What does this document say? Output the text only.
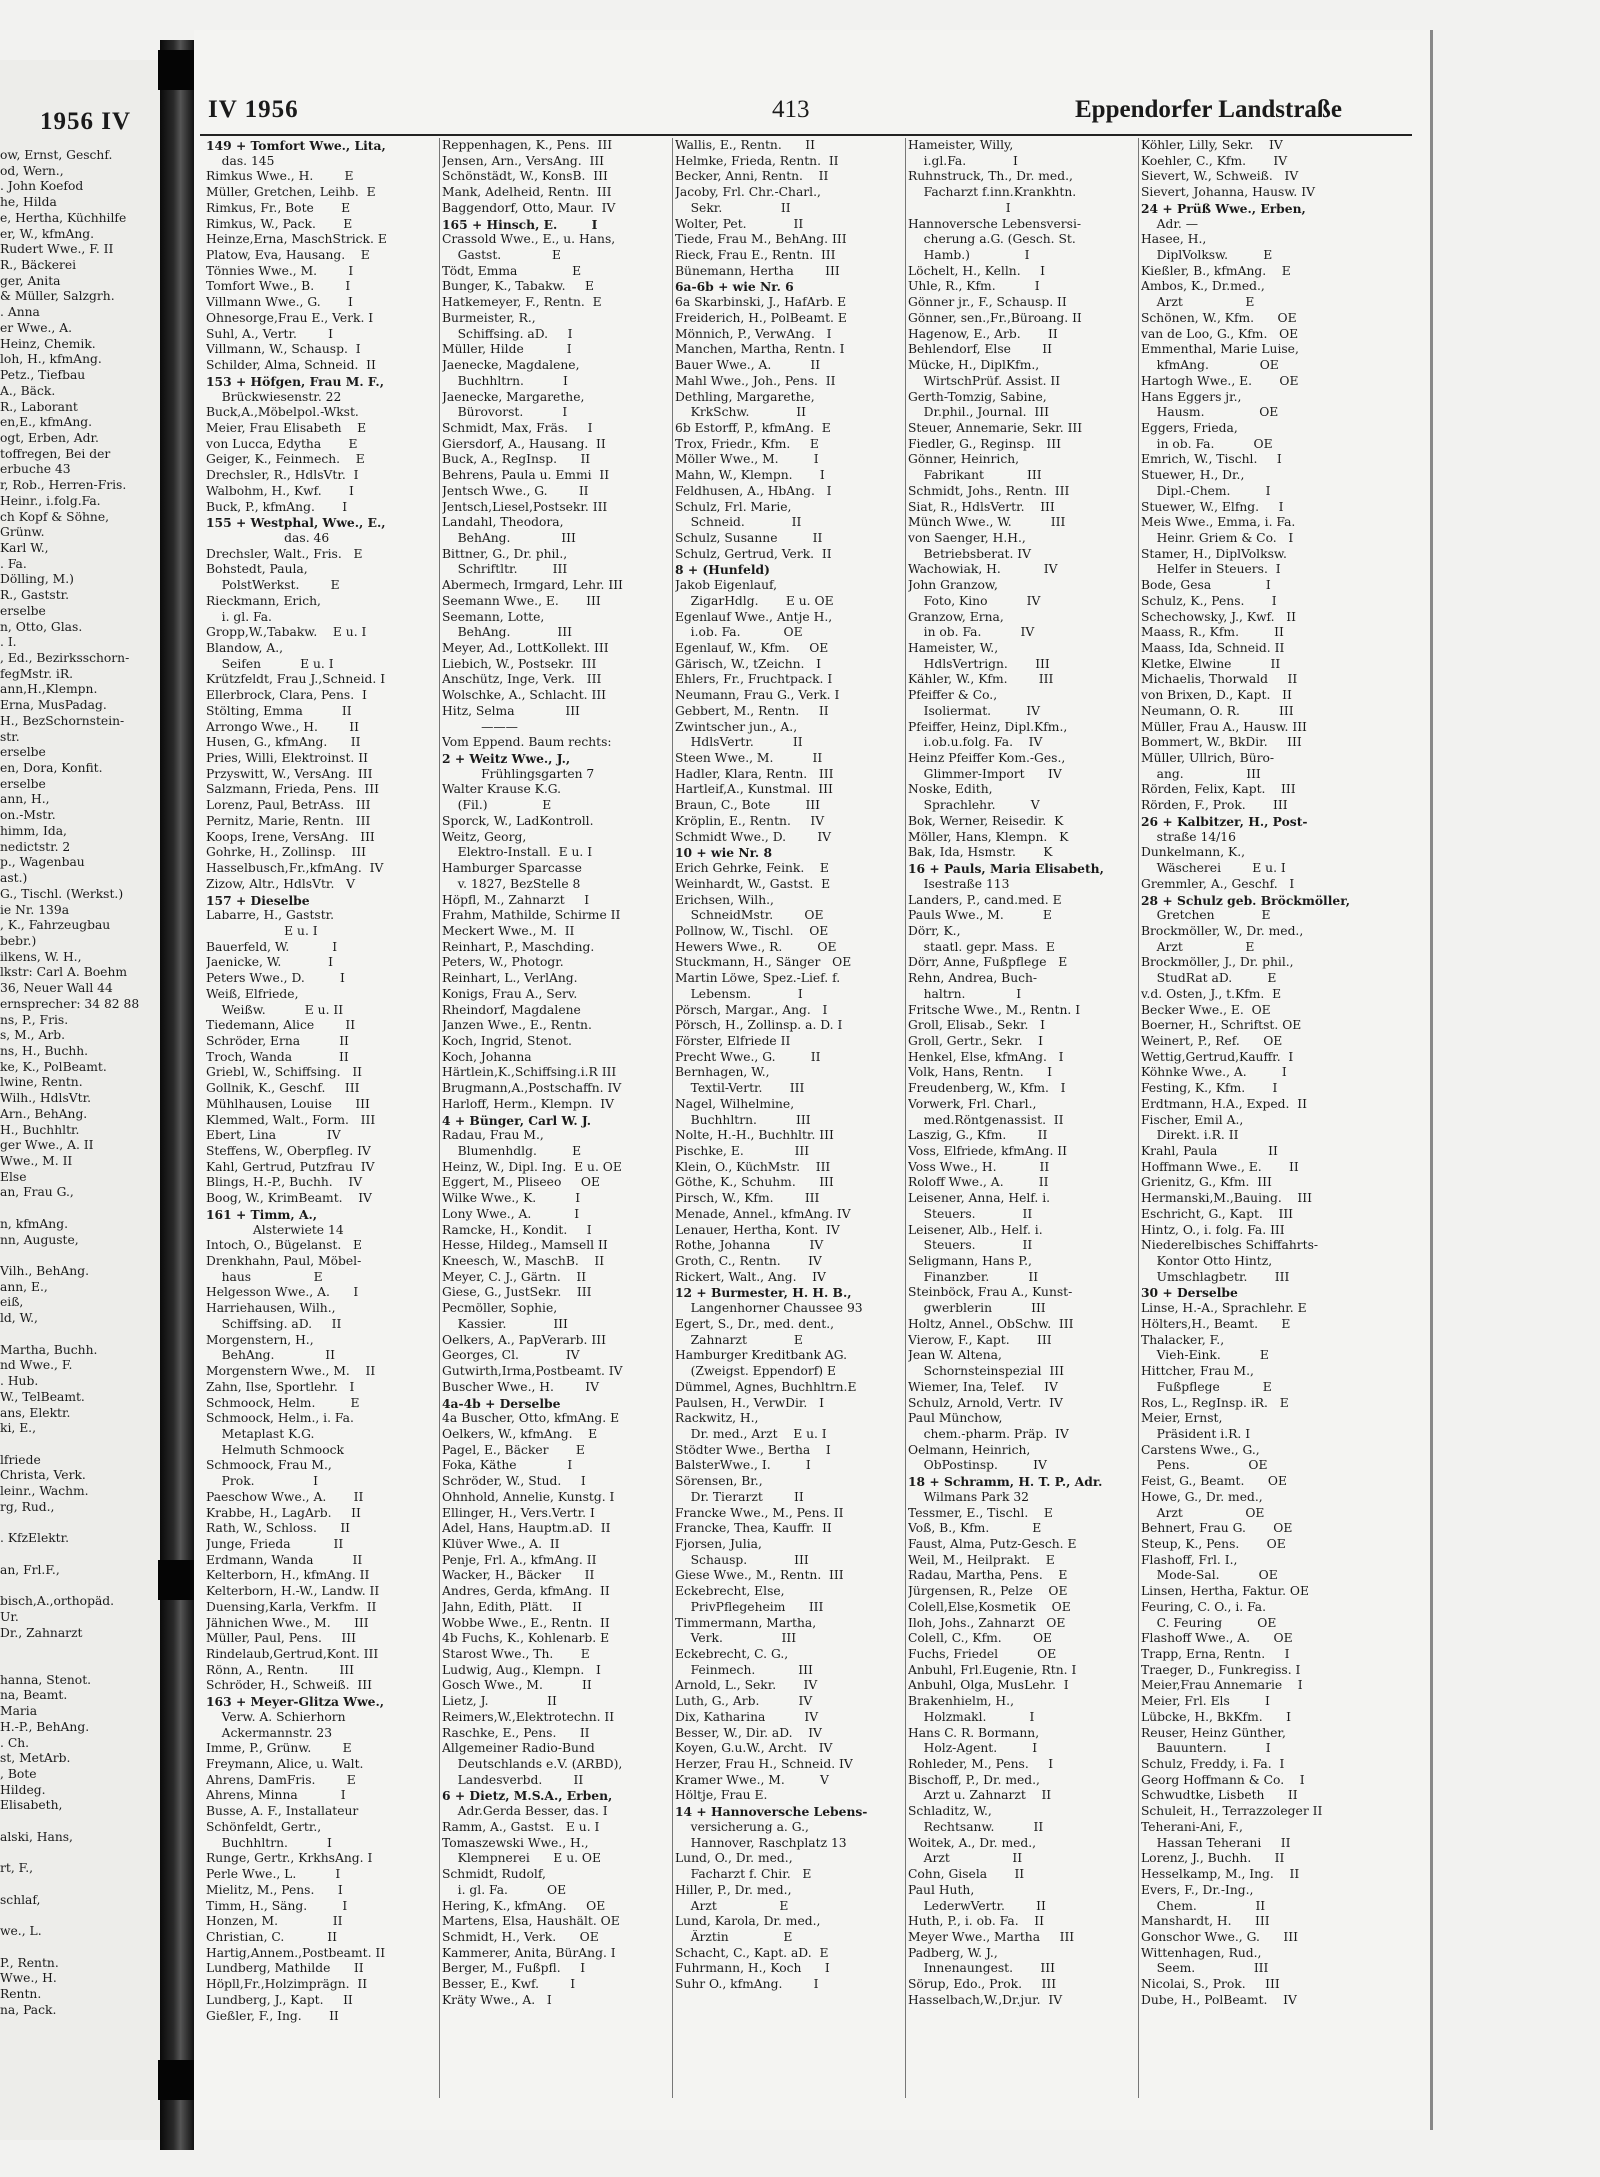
1956 IV
ow, Ernst, Geschf.
od, Wern.,
. John Koefod
he, Hilda
e, Hertha, Küchhilfe
er, W., kfmAng.
Rudert Wwe., F. II
R., Bäckerei
ger, Anita
& Müller, Salzgrh.
. Anna
er Wwe., A.
Heinz, Chemik.
loh, H., kfmAng.
Petz., Tiefbau
A., Bäck.
R., Laborant
en,E., kfmAng.
ogt, Erben, Adr.
toffregen, Bei der
erbuche 43
r, Rob., Herren-Fris.
Heinr., i.folg.Fa.
ch Kopf & Söhne,
Grünw.
Karl W.,
. Fa.
Dölling, M.)
R., Gaststr.
erselbe
n, Otto, Glas.
. I.
, Ed., Bezirksschorn-
fegMstr. iR.
ann,H.,Klempn.
Erna, MusPadag.
H., BezSchornstein-
str.
erselbe
en, Dora, Konfit.
erselbe
ann, H.,
on.-Mstr.
himm, Ida,
nedictstr. 2
p., Wagenbau
ast.)
G., Tischl. (Werkst.)
ie Nr. 139a
, K., Fahrzeugbau
bebr.)
ilkens, W. H.,
lkstr: Carl A. Boehm
36, Neuer Wall 44
ernsprecher: 34 82 88
ns, P., Fris.
s, M., Arb.
ns, H., Buchh.
ke, K., PolBeamt.
lwine, Rentn.
Wilh., HdlsVtr.
Arn., BehAng.
H., Buchhltr.
ger Wwe., A. II
Wwe., M. II
Else
an, Frau G.,

n, kfmAng.
nn, Auguste,

Vilh., BehAng.
ann, E.,
eiß,
ld, W.,

Martha, Buchh.
nd Wwe., F.
. Hub.
W., TelBeamt.
ans, Elektr.
ki, E.,

lfriede
Christa, Verk.
leinr., Wachm.
rg, Rud.,

. KfzElektr.

an, Frl.F.,

bisch,A.,orthopäd.
Ur.
Dr., Zahnarzt

hanna, Stenot.
na, Beamt.
Maria
H.-P., BehAng.
. Ch.
st, MetArb.
, Bote
Hildeg.
Elisabeth,

alski, Hans,

rt, F.,

schlaf,

we., L.

P., Rentn.
Wwe., H.
Rentn.
na, Pack.
IV 1956	413	Eppendorfer Landstraße
149 + Tomfort Wwe., Lita,
das. 145
Rimkus Wwe., H.        E
Müller, Gretchen, Leihb.  E
Rimkus, Fr., Bote       E
Rimkus, W., Pack.       E
Heinze,Erna, MaschStrick. E
Platow, Eva, Hausang.    E
Tönnies Wwe., M.        I
Tomfort Wwe., B.        I
Villmann Wwe., G.       I
Ohnesorge,Frau E., Verk. I
Suhl, A., Vertr.        I
Villmann, W., Schausp.  I
Schilder, Alma, Schneid.  II
153 + Höfgen, Frau M. F.,
Brückwiesenstr. 22
Buck,A.,Möbelpol.-Wkst.
Meier, Frau Elisabeth    E
von Lucca, Edytha       E
Geiger, K., Feinmech.    E
Drechsler, R., HdlsVtr.  I
Walbohm, H., Kwf.       I
Buck, P., kfmAng.       I
155 + Westphal, Wwe., E.,
das. 46
Drechsler, Walt., Fris.   E
Bohstedt, Paula,
PolstWerkst.        E
Rieckmann, Erich,
i. gl. Fa.
Gropp,W.,Tabakw.    E u. I
Blandow, A.,
Seifen          E u. I
Krützfeldt, Frau J.,Schneid. I
Ellerbrock, Clara, Pens.  I
Stölting, Emma          II
Arrongo Wwe., H.        II
Husen, G., kfmAng.      II
Pries, Willi, Elektroinst. II
Przyswitt, W., VersAng.  III
Salzmann, Frieda, Pens.  III
Lorenz, Paul, BetrAss.   III
Pernitz, Marie, Rentn.   III
Koops, Irene, VersAng.   III
Gohrke, H., Zollinsp.    III
Hasselbusch,Fr.,kfmAng.  IV
Zizow, Altr., HdlsVtr.   V
157 + Dieselbe
Labarre, H., Gaststr.
E u. I
Bauerfeld, W.           I
Jaenicke, W.            I
Peters Wwe., D.         I
Weiß, Elfriede,
Weißw.          E u. II
Tiedemann, Alice        II
Schröder, Erna          II
Troch, Wanda            II
Griebl, W., Schiffsing.   II
Gollnik, K., Geschf.     III
Mühlhausen, Louise      III
Klemmed, Walt., Form.   III
Ebert, Lina             IV
Steffens, W., Oberpfleg. IV
Kahl, Gertrud, Putzfrau  IV
Blings, H.-P., Buchh.    IV
Boog, W., KrimBeamt.    IV
161 + Timm, A.,
Alsterwiete 14
Intoch, O., Bügelanst.   E
Drenkhahn, Paul, Möbel-
haus                E
Helgesson Wwe., A.      I
Harriehausen, Wilh.,
Schiffsing. aD.     II
Morgenstern, H.,
BehAng.             II
Morgenstern Wwe., M.    II
Zahn, Ilse, Sportlehr.   I
Schmoock, Helm.         E
Schmoock, Helm., i. Fa.
Metaplast K.G.
Helmuth Schmoock
Schmoock, Frau M.,
Prok.               I
Paeschow Wwe., A.       II
Krabbe, H., LagArb.     II
Rath, W., Schloss.      II
Junge, Frieda           II
Erdmann, Wanda          II
Kelterborn, H., kfmAng. II
Kelterborn, H.-W., Landw. II
Duensing,Karla, Verkfm.  II
Jähnichen Wwe., M.      III
Müller, Paul, Pens.     III
Rindelaub,Gertrud,Kont. III
Rönn, A., Rentn.        III
Schröder, H., Schweiß.  III
163 + Meyer-Glitza Wwe.,
Verw. A. Schierhorn
Ackermannstr. 23
Imme, P., Grünw.        E
Freymann, Alice, u. Walt.
Ahrens, DamFris.        E
Ahrens, Minna           I
Busse, A. F., Installateur
Schönfeldt, Gertr.,
Buchhltrn.          I
Runge, Gertr., KrkhsAng. I
Perle Wwe., L.          I
Mielitz, M., Pens.      I
Timm, H., Säng.         I
Honzen, M.              II
Christian, C.           II
Hartig,Annem.,Postbeamt. II
Lundberg, Mathilde      II
Höpll,Fr.,Holzimprägn.  II
Lundberg, J., Kapt.     II
Gießler, F., Ing.       II
Reppenhagen, K., Pens.  III
Jensen, Arn., VersAng.  III
Schönstädt, W., KonsB.  III
Mank, Adelheid, Rentn.  III
Baggendorf, Otto, Maur.  IV
165 + Hinsch, E.        I
Crassold Wwe., E., u. Hans,
Gastst.             E
Tödt, Emma              E
Bunger, K., Tabakw.     E
Hatkemeyer, F., Rentn.  E
Burmeister, R.,
Schiffsing. aD.     I
Müller, Hilde           I
Jaenecke, Magdalene,
Buchhltrn.          I
Jaenecke, Margarethe,
Bürovorst.          I
Schmidt, Max, Fräs.     I
Giersdorf, A., Hausang.  II
Buck, A., RegInsp.      II
Behrens, Paula u. Emmi  II
Jentsch Wwe., G.        II
Jentsch,Liesel,Postsekr. III
Landahl, Theodora,
BehAng.             III
Bittner, G., Dr. phil.,
Schriftltr.         III
Abermech, Irmgard, Lehr. III
Seemann Wwe., E.       III
Seemann, Lotte,
BehAng.            III
Meyer, Ad., LottKollekt. III
Liebich, W., Postsekr.  III
Anschütz, Inge, Verk.   III
Wolschke, A., Schlacht. III
Hitz, Selma             III
———
Vom Eppend. Baum rechts:
2 + Weitz Wwe., J.,
Frühlingsgarten 7
Walter Krause K.G.
(Fil.)              E
Sporck, W., LadKontroll.
Weitz, Georg,
Elektro-Install.  E u. I
Hamburger Sparcasse
v. 1827, BezStelle 8
Höpfl, M., Zahnarzt     I
Frahm, Mathilde, Schirme II
Meckert Wwe., M.  II
Reinhart, P., Maschding.
Peters, W., Photogr.
Reinhart, L., VerlAng.
Konigs, Frau A., Serv.
Rheindorf, Magdalene
Janzen Wwe., E., Rentn.
Koch, Ingrid, Stenot.
Koch, Johanna
Härtlein,K.,Schiffsing.i.R III
Brugmann,A.,Postschaffn. IV
Harloff, Herm., Klempn.  IV
4 + Bünger, Carl W. J.
Radau, Frau M.,
Blumenhdlg.         E
Heinz, W., Dipl. Ing.  E u. OE
Eggert, M., Pliseeo     OE
Wilke Wwe., K.          I
Lony Wwe., A.           I
Ramcke, H., Kondit.     I
Hesse, Hildeg., Mamsell II
Kneesch, W., MaschB.    II
Meyer, C. J., Gärtn.    II
Giese, G., JustSekr.    III
Pecmöller, Sophie,
Kassier.            III
Oelkers, A., PapVerarb. III
Georges, Cl.            IV
Gutwirth,Irma,Postbeamt. IV
Buscher Wwe., H.        IV
4a-4b + Derselbe
4a Buscher, Otto, kfmAng. E
Oelkers, W., kfmAng.    E
Pagel, E., Bäcker       E
Foka, Käthe             I
Schröder, W., Stud.     I
Ohnhold, Annelie, Kunstg. I
Ellinger, H., Vers.Vertr. I
Adel, Hans, Hauptm.aD.  II
Klüver Wwe., A.  II
Penje, Frl. A., kfmAng. II
Wacker, H., Bäcker      II
Andres, Gerda, kfmAng.  II
Jahn, Edith, Plätt.     II
Wobbe Wwe., E., Rentn.  II
4b Fuchs, K., Kohlenarb. E
Starost Wwe., Th.       E
Ludwig, Aug., Klempn.   I
Gosch Wwe., M.          II
Lietz, J.               II
Reimers,W.,Elektrotechn. II
Raschke, E., Pens.      II
Allgemeiner Radio-Bund
Deutschlands e.V. (ARBD),
Landesverbd.        II
6 + Dietz, M.S.A., Erben,
Adr.Gerda Besser, das. I
Ramm, A., Gastst.   E u. I
Tomaszewski Wwe., H.,
Klempnerei      E u. OE
Schmidt, Rudolf,
i. gl. Fa.          OE
Hering, K., kfmAng.     OE
Martens, Elsa, Haushält. OE
Schmidt, H., Verk.      OE
Kammerer, Anita, BürAng. I
Berger, M., Fußpfl.     I
Besser, E., Kwf.        I
Kräty Wwe., A.   I
Wallis, E., Rentn.      II
Helmke, Frieda, Rentn.  II
Becker, Anni, Rentn.    II
Jacoby, Frl. Chr.-Charl.,
Sekr.               II
Wolter, Pet.            II
Tiede, Frau M., BehAng. III
Rieck, Frau E., Rentn.  III
Bünemann, Hertha        III
6a-6b + wie Nr. 6
6a Skarbinski, J., HafArb. E
Freiderich, H., PolBeamt. E
Mönnich, P., VerwAng.   I
Manchen, Martha, Rentn. I
Bauer Wwe., A.          II
Mahl Wwe., Joh., Pens.  II
Dethling, Margarethe,
KrkSchw.            II
6b Estorff, P., kfmAng.  E
Trox, Friedr., Kfm.     E
Möller Wwe., M.         I
Mahn, W., Klempn.       I
Feldhusen, A., HbAng.   I
Schulz, Frl. Marie,
Schneid.            II
Schulz, Susanne         II
Schulz, Gertrud, Verk.  II
8 + (Hunfeld)
Jakob Eigenlauf,
ZigarHdlg.       E u. OE
Egenlauf Wwe., Antje H.,
i.ob. Fa.           OE
Egenlauf, W., Kfm.     OE
Gärisch, W., tZeichn.   I
Ehlers, Fr., Fruchtpack. I
Neumann, Frau G., Verk. I
Gebbert, M., Rentn.     II
Zwintscher jun., A.,
HdlsVertr.          II
Steen Wwe., M.          II
Hadler, Klara, Rentn.   III
Hartleif,A., Kunstmal.  III
Braun, C., Bote         III
Kröplin, E., Rentn.     IV
Schmidt Wwe., D.        IV
10 + wie Nr. 8
Erich Gehrke, Feink.    E
Weinhardt, W., Gastst.  E
Erichsen, Wilh.,
SchneidMstr.        OE
Pollnow, W., Tischl.    OE
Hewers Wwe., R.         OE
Stuckmann, H., Sänger   OE
Martin Löwe, Spez.-Lief. f.
Lebensm.            I
Pörsch, Margar., Ang.   I
Pörsch, H., Zollinsp. a. D. I
Förster, Elfriede II
Precht Wwe., G.         II
Bernhagen, W.,
Textil-Vertr.       III
Nagel, Wilhelmine,
Buchhltrn.          III
Nolte, H.-H., Buchhltr. III
Pischke, E.             III
Klein, O., KüchMstr.    III
Göthe, K., Schuhm.      III
Pirsch, W., Kfm.        III
Menade, Annel., kfmAng. IV
Lenauer, Hertha, Kont.  IV
Rothe, Johanna          IV
Groth, C., Rentn.       IV
Rickert, Walt., Ang.    IV
12 + Burmester, H. H. B.,
Langenhorner Chaussee 93
Egert, S., Dr., med. dent.,
Zahnarzt            E
Hamburger Kreditbank AG.
(Zweigst. Eppendorf) E
Dümmel, Agnes, Buchhltrn.E
Paulsen, H., VerwDir.   I
Rackwitz, H.,
Dr. med., Arzt    E u. I
Stödter Wwe., Bertha    I
BalsterWwe., I.         I
Sörensen, Br.,
Dr. Tierarzt        II
Francke Wwe., M., Pens. II
Francke, Thea, Kauffr.  II
Fjorsen, Julia,
Schausp.            III
Giese Wwe., M., Rentn.  III
Eckebrecht, Else,
PrivPflegeheim      III
Timmermann, Martha,
Verk.               III
Eckebrecht, C. G.,
Feinmech.           III
Arnold, L., Sekr.       IV
Luth, G., Arb.          IV
Dix, Katharina          IV
Besser, W., Dir. aD.    IV
Koyen, G.u.W., Archt.   IV
Herzer, Frau H., Schneid. IV
Kramer Wwe., M.         V
Höltje, Frau E.
14 + Hannoversche Lebens-
versicherung a. G.,
Hannover, Raschplatz 13
Lund, O., Dr. med.,
Facharzt f. Chir.   E
Hiller, P., Dr. med.,
Arzt                E
Lund, Karola, Dr. med.,
Ärztin              E
Schacht, C., Kapt. aD.  E
Fuhrmann, H., Koch      I
Suhr O., kfmAng.        I
Hameister, Willy,
i.gl.Fa.            I
Ruhnstruck, Th., Dr. med.,
Facharzt f.inn.Krankhtn.
I
Hannoversche Lebensversi-
cherung a.G. (Gesch. St.
Hamb.)              I
Löchelt, H., Kelln.     I
Uhle, R., Kfm.          I
Gönner jr., F., Schausp. II
Gönner, sen.,Fr.,Büroang. II
Hagenow, E., Arb.       II
Behlendorf, Else        II
Mücke, H., DiplKfm.,
WirtschPrüf. Assist. II
Gerth-Tomzig, Sabine,
Dr.phil., Journal.  III
Steuer, Annemarie, Sekr. III
Fiedler, G., Reginsp.   III
Gönner, Heinrich,
Fabrikant           III
Schmidt, Johs., Rentn.  III
Siat, R., HdlsVertr.    III
Münch Wwe., W.          III
von Saenger, H.H.,
Betriebsberat. IV
Wachowiak, H.           IV
John Granzow,
Foto, Kino          IV
Granzow, Erna,
in ob. Fa.          IV
Hameister, W.,
HdlsVertrign.       III
Kähler, W., Kfm.        III
Pfeiffer & Co.,
Isoliermat.         IV
Pfeiffer, Heinz, Dipl.Kfm.,
i.ob.u.folg. Fa.    IV
Heinz Pfeiffer Kom.-Ges.,
Glimmer-Import      IV
Noske, Edith,
Sprachlehr.         V
Bok, Werner, Reisedir.  K
Möller, Hans, Klempn.   K
Bak, Ida, Hsmstr.       K
16 + Pauls, Maria Elisabeth,
Isestraße 113
Landers, P., cand.med. E
Pauls Wwe., M.          E
Dörr, K.,
staatl. gepr. Mass.  E
Dörr, Anne, Fußpflege   E
Rehn, Andrea, Buch-
haltrn.             I
Fritsche Wwe., M., Rentn. I
Groll, Elisab., Sekr.   I
Groll, Gertr., Sekr.    I
Henkel, Else, kfmAng.   I
Volk, Hans, Rentn.      I
Freudenberg, W., Kfm.   I
Vorwerk, Frl. Charl.,
med.Röntgenassist.  II
Laszig, G., Kfm.        II
Voss, Elfriede, kfmAng. II
Voss Wwe., H.           II
Roloff Wwe., A.         II
Leisener, Anna, Helf. i.
Steuers.            II
Leisener, Alb., Helf. i.
Steuers.            II
Seligmann, Hans P.,
Finanzber.          II
Steinböck, Frau A., Kunst-
gwerblerin          III
Holtz, Annel., ObSchw.  III
Vierow, F., Kapt.       III
Jean W. Altena,
Schornsteinspezial  III
Wiemer, Ina, Telef.     IV
Schulz, Arnold, Vertr.  IV
Paul Münchow,
chem.-pharm. Präp.  IV
Oelmann, Heinrich,
ObPostinsp.         IV
18 + Schramm, H. T. P., Adr.
Wilmans Park 32
Tessmer, E., Tischl.    E
Voß, B., Kfm.           E
Faust, Alma, Putz-Gesch. E
Weil, M., Heilprakt.    E
Radau, Martha, Pens.    E
Jürgensen, R., Pelze    OE
Colell,Else,Kosmetik    OE
Iloh, Johs., Zahnarzt   OE
Colell, C., Kfm.        OE
Fuchs, Friedel          OE
Anbuhl, Frl.Eugenie, Rtn. I
Anbuhl, Olga, MusLehr.  I
Brakenhielm, H.,
Holzmakl.           I
Hans C. R. Bormann,
Holz-Agent.         I
Rohleder, M., Pens.     I
Bischoff, P., Dr. med.,
Arzt u. Zahnarzt    II
Schladitz, W.,
Rechtsanw.          II
Woitek, A., Dr. med.,
Arzt                II
Cohn, Gisela       II
Paul Huth,
LederwVertr.        II
Huth, P., i. ob. Fa.    II
Meyer Wwe., Martha     III
Padberg, W. J.,
Innenaungest.       III
Sörup, Edo., Prok.     III
Hasselbach,W.,Dr.jur.  IV
Köhler, Lilly, Sekr.    IV
Koehler, C., Kfm.       IV
Sievert, W., Schweiß.   IV
Sievert, Johanna, Hausw. IV
24 + Prüß Wwe., Erben,
Adr. —
Hasee, H.,
DiplVolksw.         E
Kießler, B., kfmAng.    E
Ambos, K., Dr.med.,
Arzt                E
Schönen, W., Kfm.      OE
van de Loo, G., Kfm.   OE
Emmenthal, Marie Luise,
kfmAng.             OE
Hartogh Wwe., E.       OE
Hans Eggers jr.,
Hausm.              OE
Eggers, Frieda,
in ob. Fa.          OE
Emrich, W., Tischl.     I
Stuewer, H., Dr.,
Dipl.-Chem.         I
Stuewer, W., Elfng.     I
Meis Wwe., Emma, i. Fa.
Heinr. Griem & Co.   I
Stamer, H., DiplVolksw.
Helfer in Steuers.  I
Bode, Gesa              I
Schulz, K., Pens.       I
Schechowsky, J., Kwf.   II
Maass, R., Kfm.         II
Maass, Ida, Schneid. II
Kletke, Elwine          II
Michaelis, Thorwald     II
von Brixen, D., Kapt.   II
Neumann, O. R.          III
Müller, Frau A., Hausw. III
Bommert, W., BkDir.     III
Müller, Ullrich, Büro-
ang.                III
Rörden, Felix, Kapt.    III
Rörden, F., Prok.       III
26 + Kalbitzer, H., Post-
straße 14/16
Dunkelmann, K.,
Wäscherei        E u. I
Gremmler, A., Geschf.   I
28 + Schulz geb. Bröckmöller,
Gretchen            E
Brockmöller, W., Dr. med.,
Arzt                E
Brockmöller, J., Dr. phil.,
StudRat aD.         E
v.d. Osten, J., t.Kfm.  E
Becker Wwe., E.  OE
Boerner, H., Schriftst. OE
Weinert, P., Ref.      OE
Wettig,Gertrud,Kauffr.  I
Köhnke Wwe., A.         I
Festing, K., Kfm.       I
Erdtmann, H.A., Exped.  II
Fischer, Emil A.,
Direkt. i.R. II
Krahl, Paula             II
Hoffmann Wwe., E.       II
Grienitz, G., Kfm.  III
Hermanski,M.,Bauing.    III
Eschricht, G., Kapt.    III
Hintz, O., i. folg. Fa. III
Niederelbisches Schiffahrts-
Kontor Otto Hintz,
Umschlagbetr.       III
30 + Derselbe
Linse, H.-A., Sprachlehr. E
Hölters,H., Beamt.      E
Thalacker, F.,
Vieh-Eink.          E
Hittcher, Frau M.,
Fußpflege           E
Ros, L., RegInsp. iR.   E
Meier, Ernst,
Präsident i.R. I
Carstens Wwe., G.,
Pens.               OE
Feist, G., Beamt.      OE
Howe, G., Dr. med.,
Arzt                OE
Behnert, Frau G.       OE
Steup, K., Pens.       OE
Flashoff, Frl. I.,
Mode-Sal.          OE
Linsen, Hertha, Faktur. OE
Feuring, C. O., i. Fa.
C. Feuring         OE
Flashoff Wwe., A.      OE
Trapp, Erna, Rentn.     I
Traeger, D., Funkregiss. I
Meier,Frau Annemarie    I
Meier, Frl. Els         I
Lübcke, H., BkKfm.      I
Reuser, Heinz Günther,
Bauuntern.          I
Schulz, Freddy, i. Fa.  I
Georg Hoffmann & Co.    I
Schwudtke, Lisbeth      II
Schuleit, H., Terrazzoleger II
Teherani-Ani, F.,
Hassan Teherani     II
Lorenz, J., Buchh.      II
Hesselkamp, M., Ing.    II
Evers, F., Dr.-Ing.,
Chem.               II
Manshardt, H.      III
Gonschor Wwe., G.      III
Wittenhagen, Rud.,
Seem.               III
Nicolai, S., Prok.     III
Dube, H., PolBeamt.    IV
